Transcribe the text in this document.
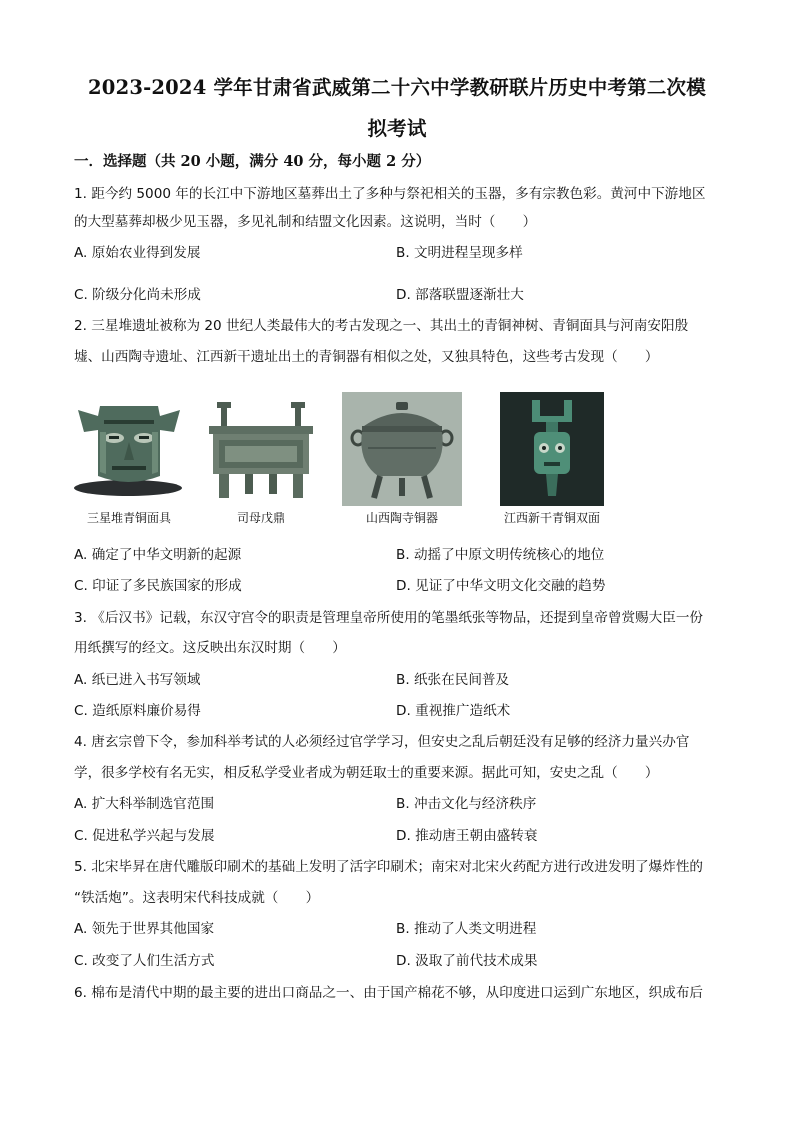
2023-2024 学年甘肃省武威第二十六中学教研联片历史中考第二次模
拟考试
一．选择题（共 20 小题，满分 40 分，每小题 2 分）
1. 距今约 5000 年的长江中下游地区墓葬出土了多种与祭祀相关的玉器，多有宗教色彩。黄河中下游地区
的大型墓葬却极少见玉器，多见礼制和结盟文化因素。这说明，当时（　　）
A. 原始农业得到发展	B. 文明进程呈现多样
C. 阶级分化尚未形成	D. 部落联盟逐渐壮大
2. 三星堆遗址被称为 20 世纪人类最伟大的考古发现之一、其出土的青铜神树、青铜面具与河南安阳殷
墟、山西陶寺遗址、江西新干遗址出土的青铜器有相似之处，又独具特色，这些考古发现（　　）
三星堆青铜面具	司母戊鼎	山西陶寺铜器	江西新干青铜双面
A. 确定了中华文明新的起源	B. 动摇了中原文明传统核心的地位
C. 印证了多民族国家的形成	D. 见证了中华文明文化交融的趋势
3. 《后汉书》记载，东汉守宫令的职责是管理皇帝所使用的笔墨纸张等物品，还提到皇帝曾赏赐大臣一份
用纸撰写的经文。这反映出东汉时期（　　）
A. 纸已进入书写领域	B. 纸张在民间普及
C. 造纸原料廉价易得	D. 重视推广造纸术
4. 唐玄宗曾下令，参加科举考试的人必须经过官学学习，但安史之乱后朝廷没有足够的经济力量兴办官
学，很多学校有名无实，相反私学受业者成为朝廷取士的重要来源。据此可知，安史之乱（　　）
A. 扩大科举制选官范围	B. 冲击文化与经济秩序
C. 促进私学兴起与发展	D. 推动唐王朝由盛转衰
5. 北宋毕昇在唐代雕版印刷术的基础上发明了活字印刷术；南宋对北宋火药配方进行改进发明了爆炸性的
“铁活炮”。这表明宋代科技成就（　　）
A. 领先于世界其他国家	B. 推动了人类文明进程
C. 改变了人们生活方式	D. 汲取了前代技术成果
6. 棉布是清代中期的最主要的进出口商品之一、由于国产棉花不够，从印度进口运到广东地区，织成布后
